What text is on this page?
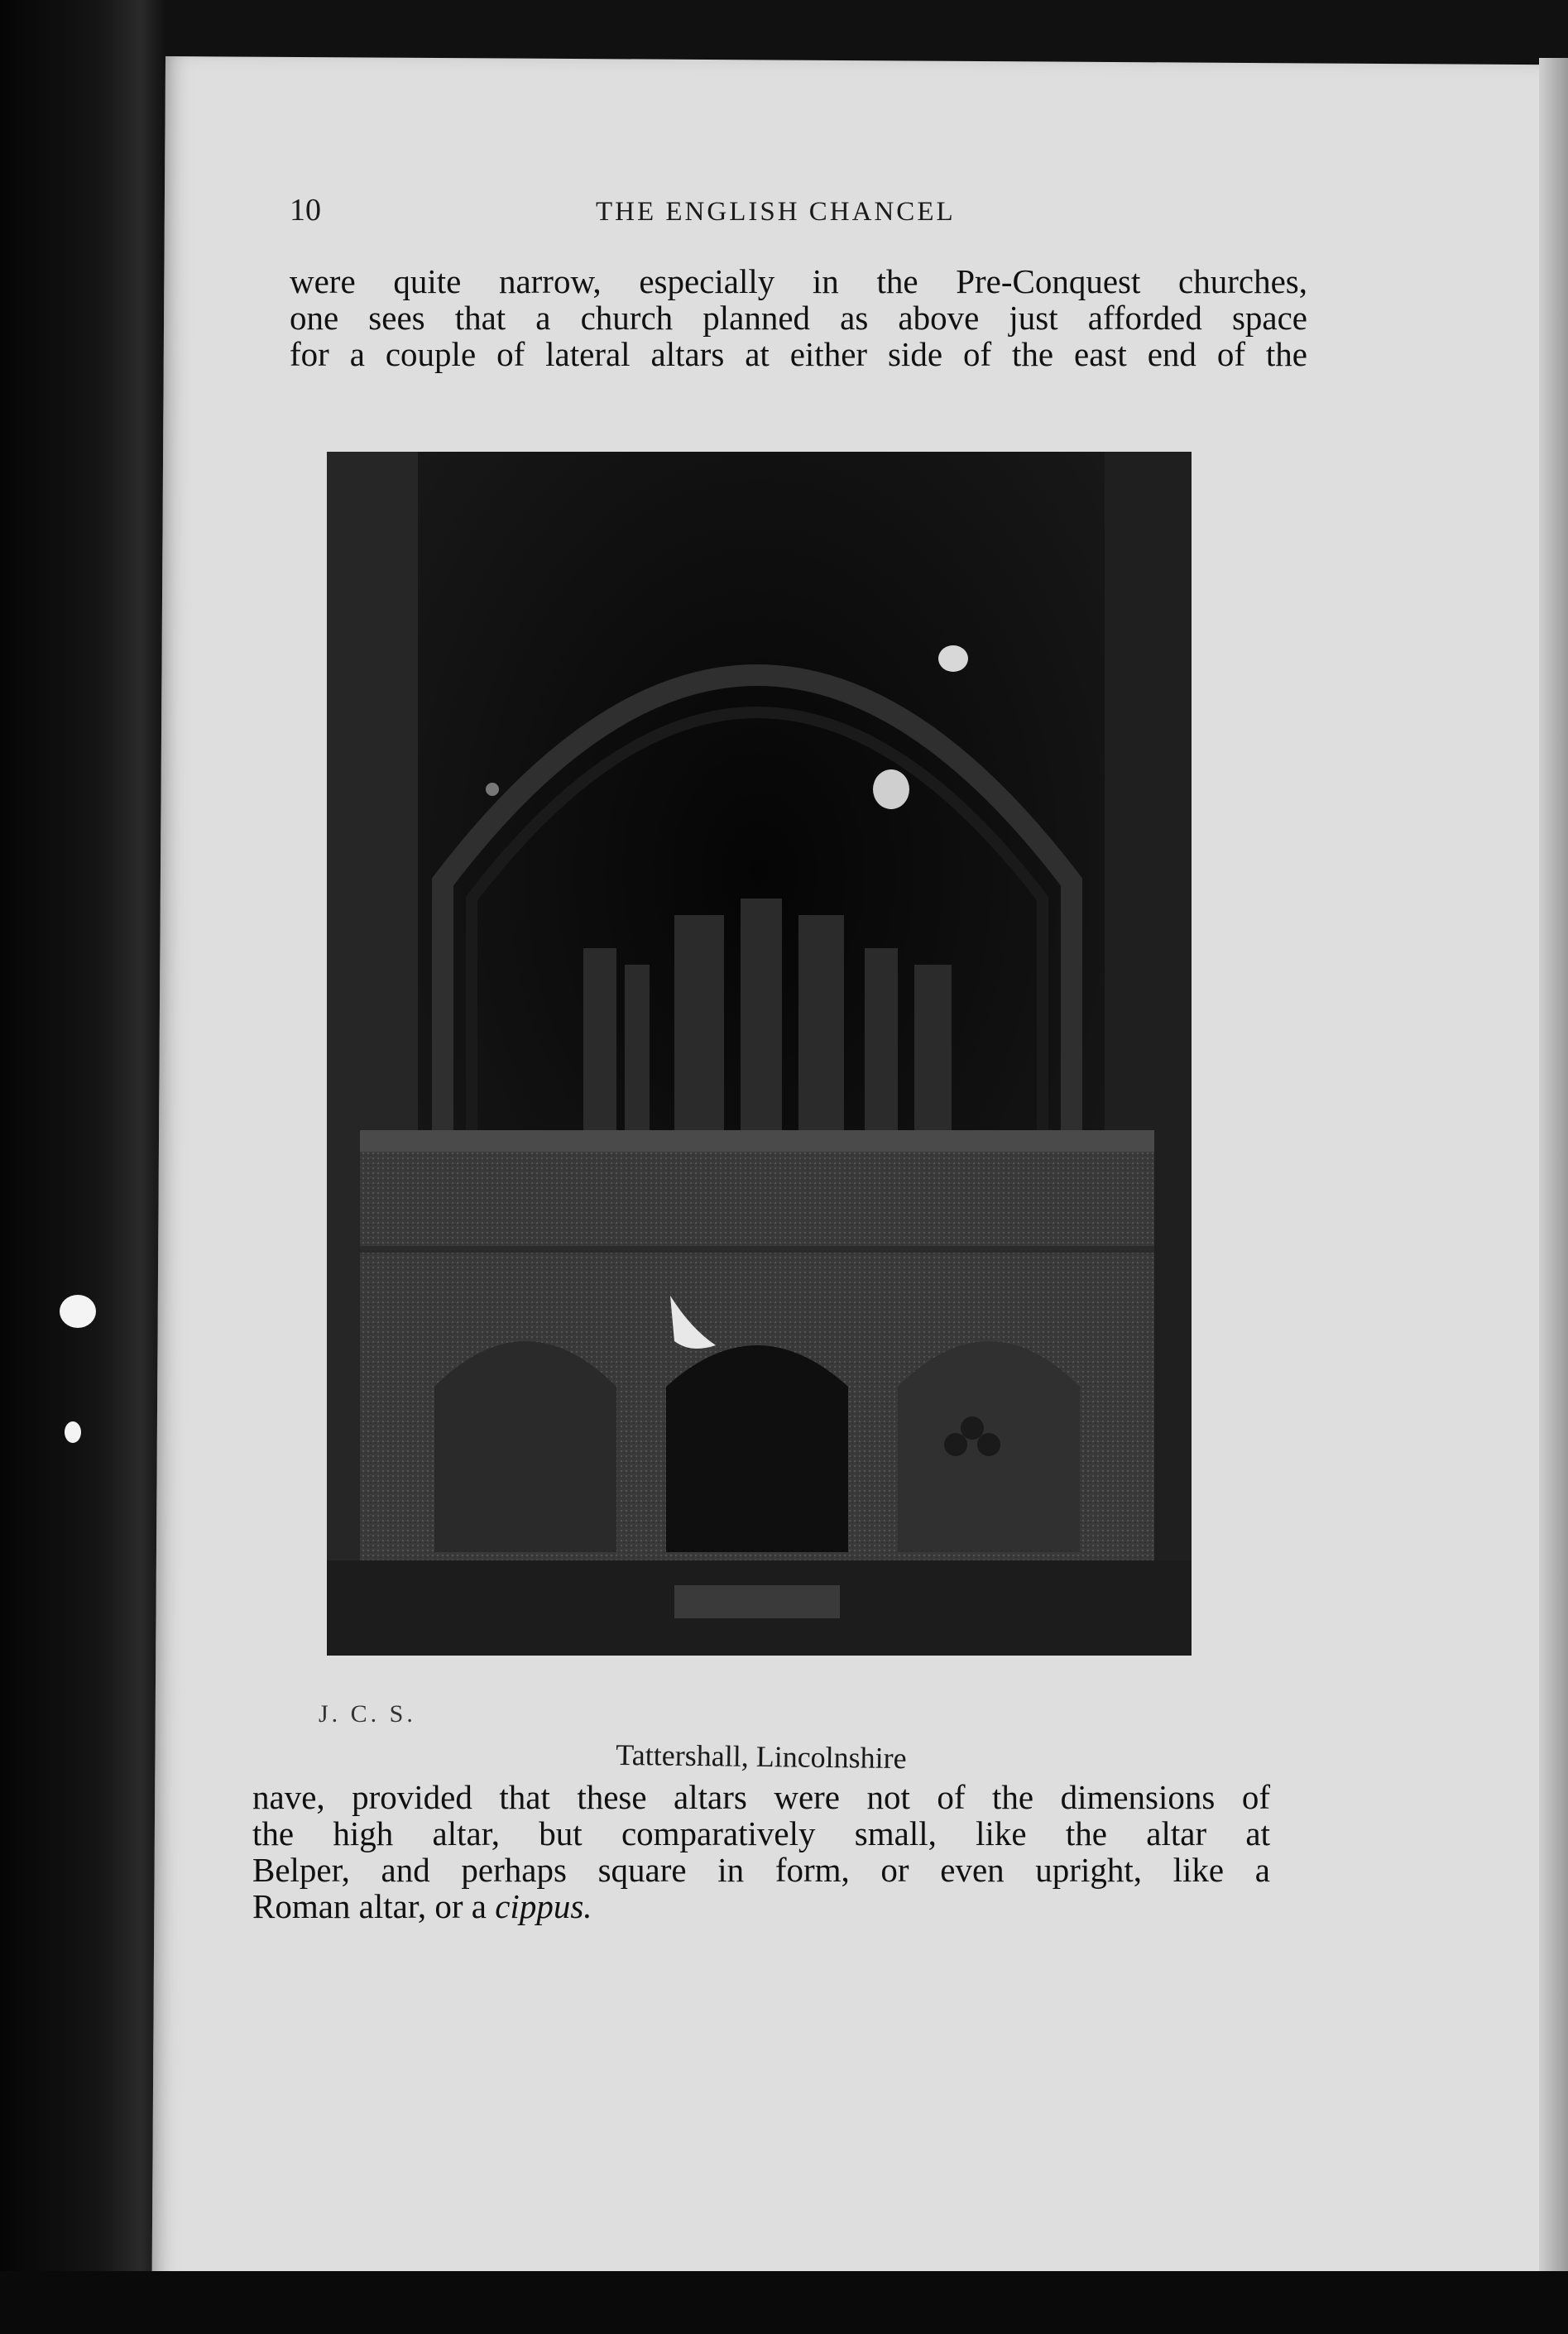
10	THE ENGLISH CHANCEL
were quite narrow, especially in the Pre-Conquest churches,
one sees that a church planned as above just afforded space
for a couple of lateral altars at either side of the east end of the
J. C. S.
Tattershall, Lincolnshire
nave, provided that these altars were not of the dimensions of
the high altar, but comparatively small, like the altar at
Belper, and perhaps square in form, or even upright, like a
Roman altar, or a cippus.
